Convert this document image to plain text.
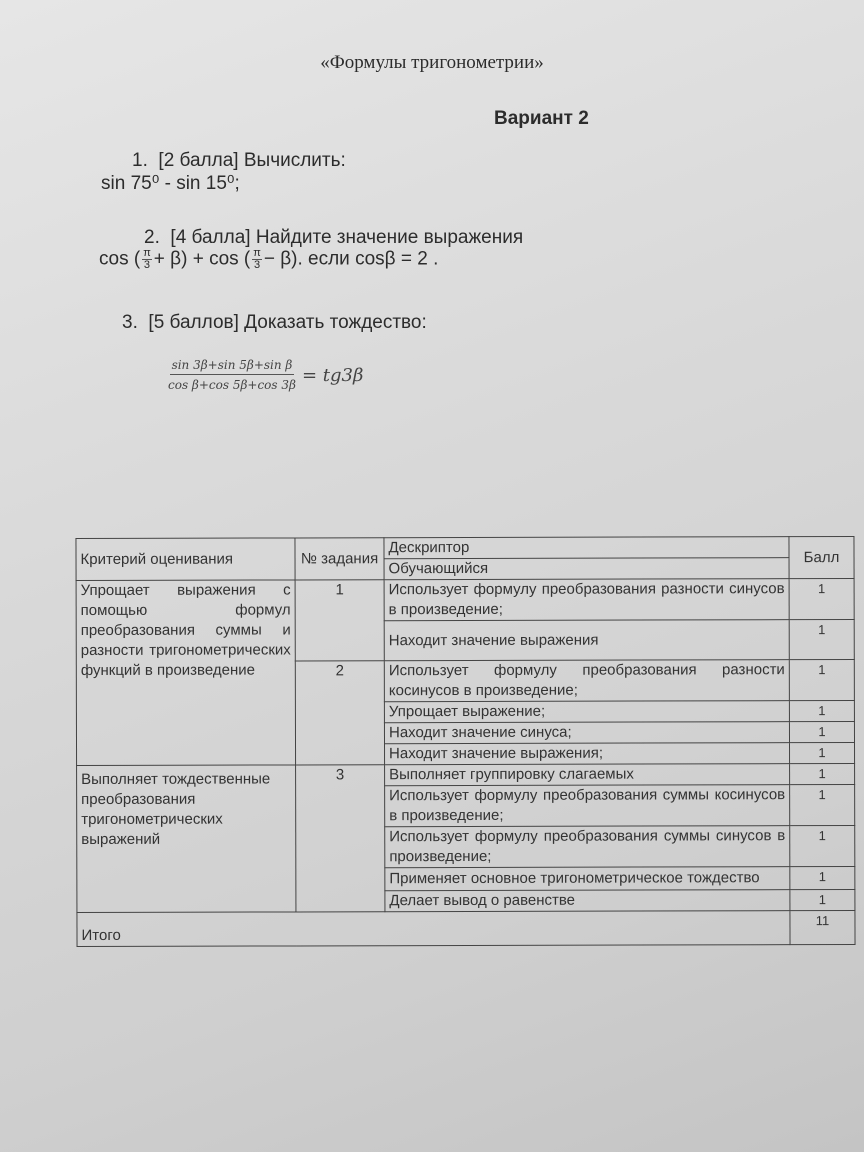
«Формулы тригонометрии»
Вариант 2
1. [2 балла] Вычислить:
sin 75⁰ - sin 15⁰;
2. [4 балла] Найдите значение выражения
cos ( $\frac{\pi}{3} + \beta) + \cos$ ( $\frac{\pi}{3} - \beta$). если cosβ = 2 .
3. [5 баллов] Доказать тождество:
$\frac{\text{sin 3β+sin 5β+sin β}}{\text{cos β+cos 5β+cos 3β}} = tg3\beta$
Критерий оценивания	№ задания	Дескриптор	Балл
		Обучающийся	
Упрощает выражения с помощью формул преобразования суммы и разности тригонометрических функций в произведение	1	Использует формулу преобразования разности синусов в произведение;	1
		Находит значение выражения	1
	2	Использует формулу преобразования разности косинусов в произведение;	1
		Упрощает выражение;	1
		Находит значение синуса;	1
		Находит значение выражения;	1
Выполняет тождественные преобразования тригонометрических выражений	3	Выполняет группировку слагаемых	1
		Использует формулу преобразования суммы косинусов в произведение;	1
		Использует формулу преобразования суммы синусов в произведение;	1
		Применяет основное тригонометрическое тождество	1
		Делает вывод о равенстве	1
Итого			11
